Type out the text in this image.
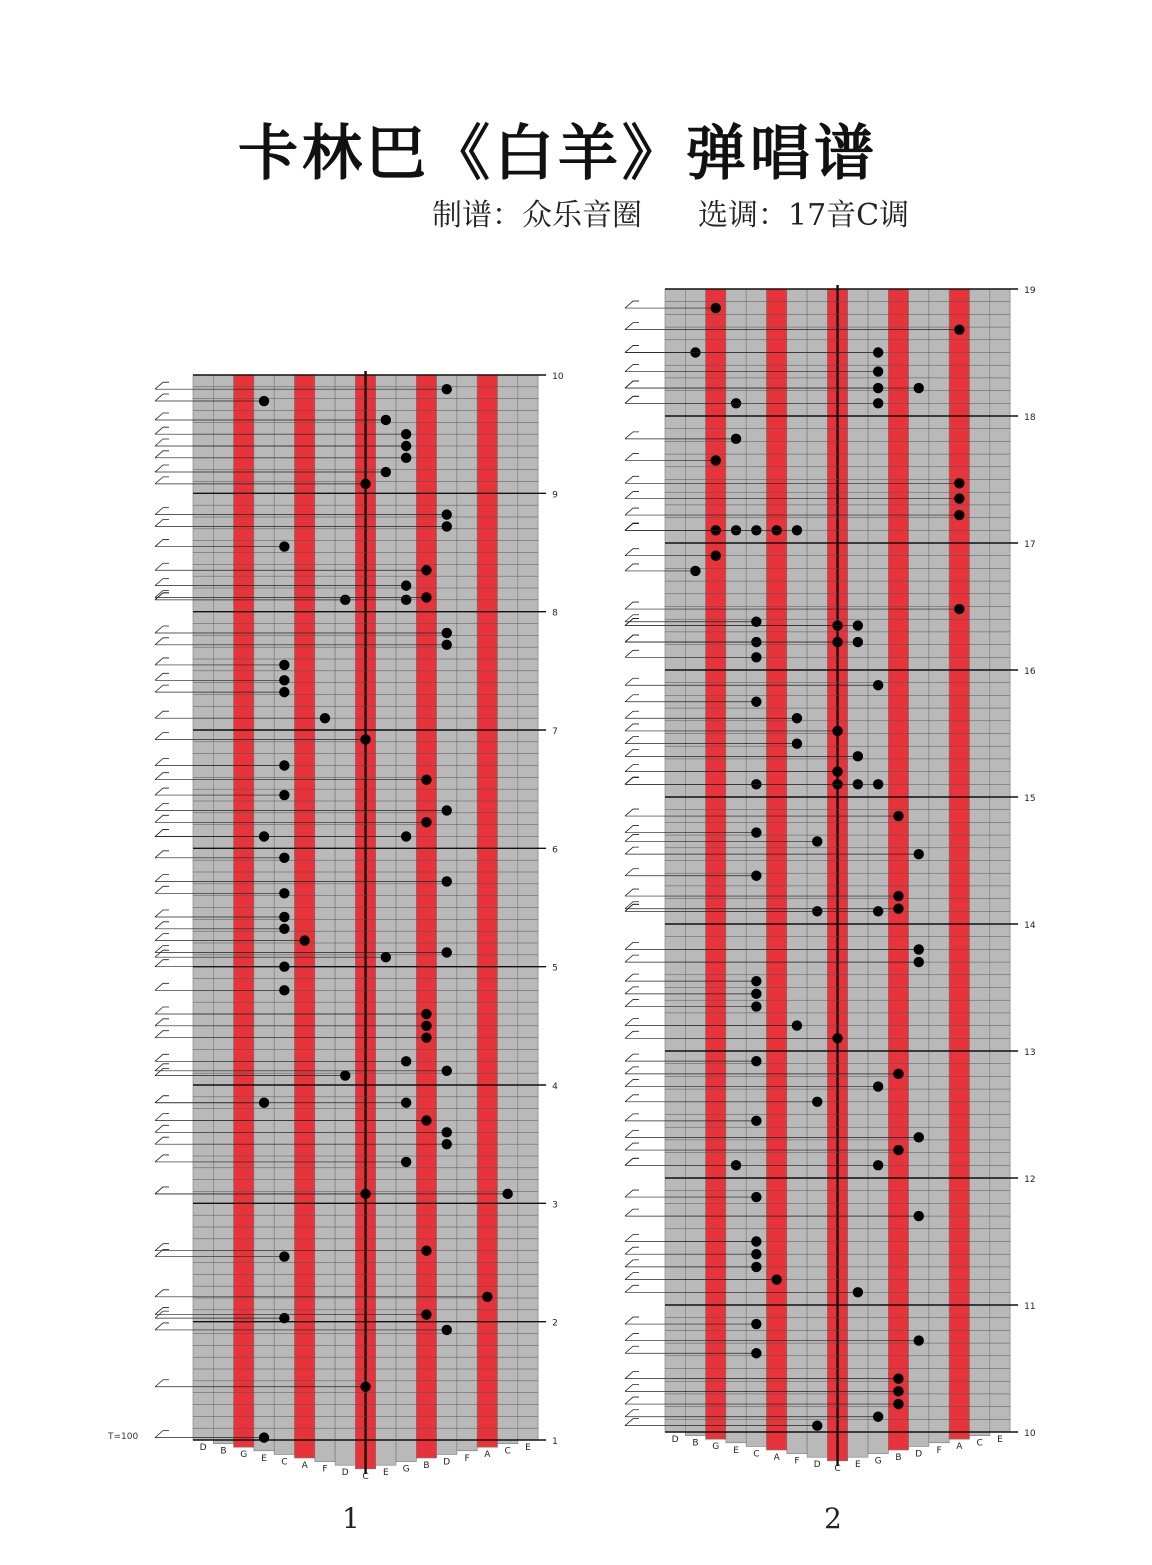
卡林巴《白羊》弹唱谱
制谱：众乐音圈 选调：17音C调
D B G E C A F D C E G B D F A C E
1
2
3
4
5
6
7
8
9
10
D B G E C A F D C E G B D F A C E
10
11
12
13
14
15
16
17
18
19
T=100
1	2
